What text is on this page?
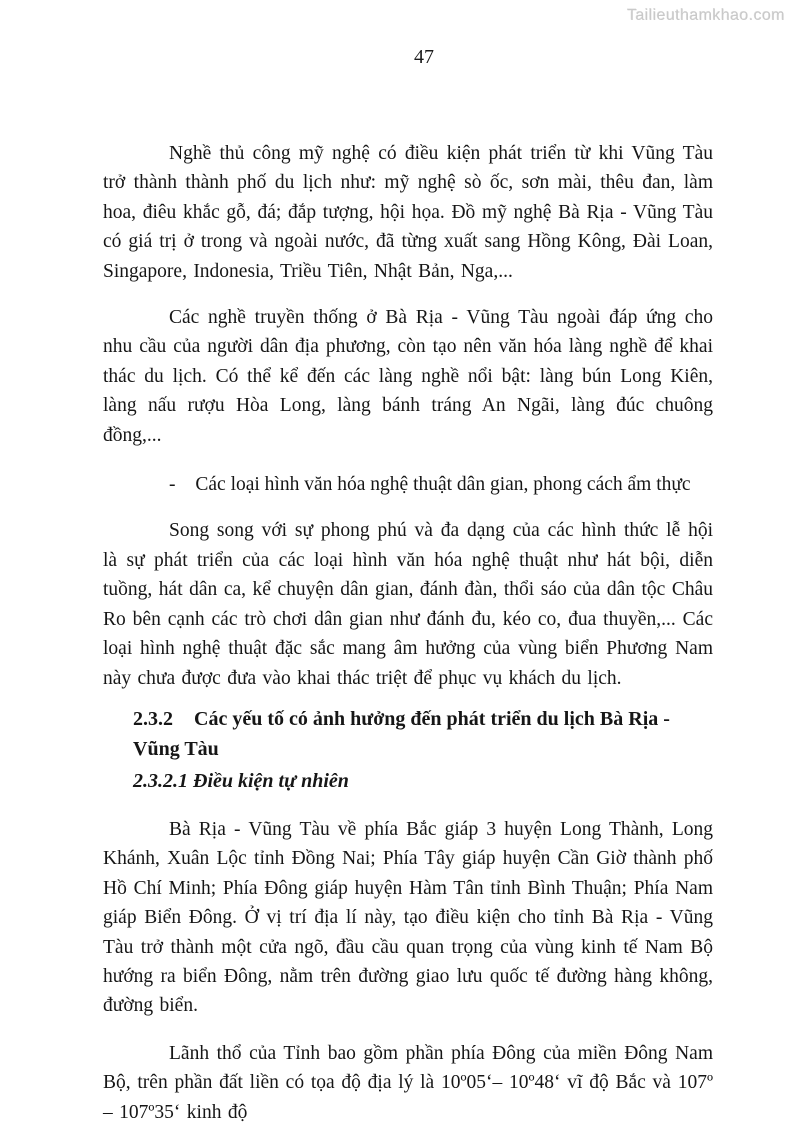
Tailieuthamkhao.com
47

Nghề thủ công mỹ nghệ có điều kiện phát triển từ khi Vũng Tàu trở thành thành phố du lịch như: mỹ nghệ sò ốc, sơn mài, thêu đan, làm hoa, điêu khắc gỗ, đá; đắp tượng, hội họa. Đồ mỹ nghệ Bà Rịa - Vũng Tàu có giá trị ở trong và ngoài nước, đã từng xuất sang Hồng Kông, Đài Loan, Singapore, Indonesia, Triều Tiên, Nhật Bản, Nga,...

Các nghề truyền thống ở Bà Rịa - Vũng Tàu ngoài đáp ứng cho nhu cầu của người dân địa phương, còn tạo nên văn hóa làng nghề để khai thác du lịch. Có thể kể đến các làng nghề nổi bật: làng bún Long Kiên, làng nấu rượu Hòa Long, làng bánh tráng An Ngãi, làng đúc chuông đồng,...

- Các loại hình văn hóa nghệ thuật dân gian, phong cách ẩm thực

Song song với sự phong phú và đa dạng của các hình thức lễ hội là sự phát triển của các loại hình văn hóa nghệ thuật như hát bội, diễn tuồng, hát dân ca, kể chuyện dân gian, đánh đàn, thổi sáo của dân tộc Châu Ro bên cạnh các trò chơi dân gian như đánh đu, kéo co, đua thuyền,... Các loại hình nghệ thuật đặc sắc mang âm hưởng của vùng biển Phương Nam này chưa được đưa vào khai thác triệt để phục vụ khách du lịch.

2.3.2 Các yếu tố có ảnh hưởng đến phát triển du lịch Bà Rịa - Vũng Tàu
2.3.2.1 Điều kiện tự nhiên

Bà Rịa - Vũng Tàu về phía Bắc giáp 3 huyện Long Thành, Long Khánh, Xuân Lộc tỉnh Đồng Nai; Phía Tây giáp huyện Cần Giờ thành phố Hồ Chí Minh; Phía Đông giáp huyện Hàm Tân tỉnh Bình Thuận; Phía Nam giáp Biển Đông. Ở vị trí địa lí này, tạo điều kiện cho tỉnh Bà Rịa - Vũng Tàu trở thành một cửa ngõ, đầu cầu quan trọng của vùng kinh tế Nam Bộ hướng ra biển Đông, nằm trên đường giao lưu quốc tế đường hàng không, đường biển.

Lãnh thổ của Tỉnh bao gồm phần phía Đông của miền Đông Nam Bộ, trên phần đất liền có tọa độ địa lý là 10º05‘– 10º48‘ vĩ độ Bắc và 107º – 107º35‘ kinh độ
